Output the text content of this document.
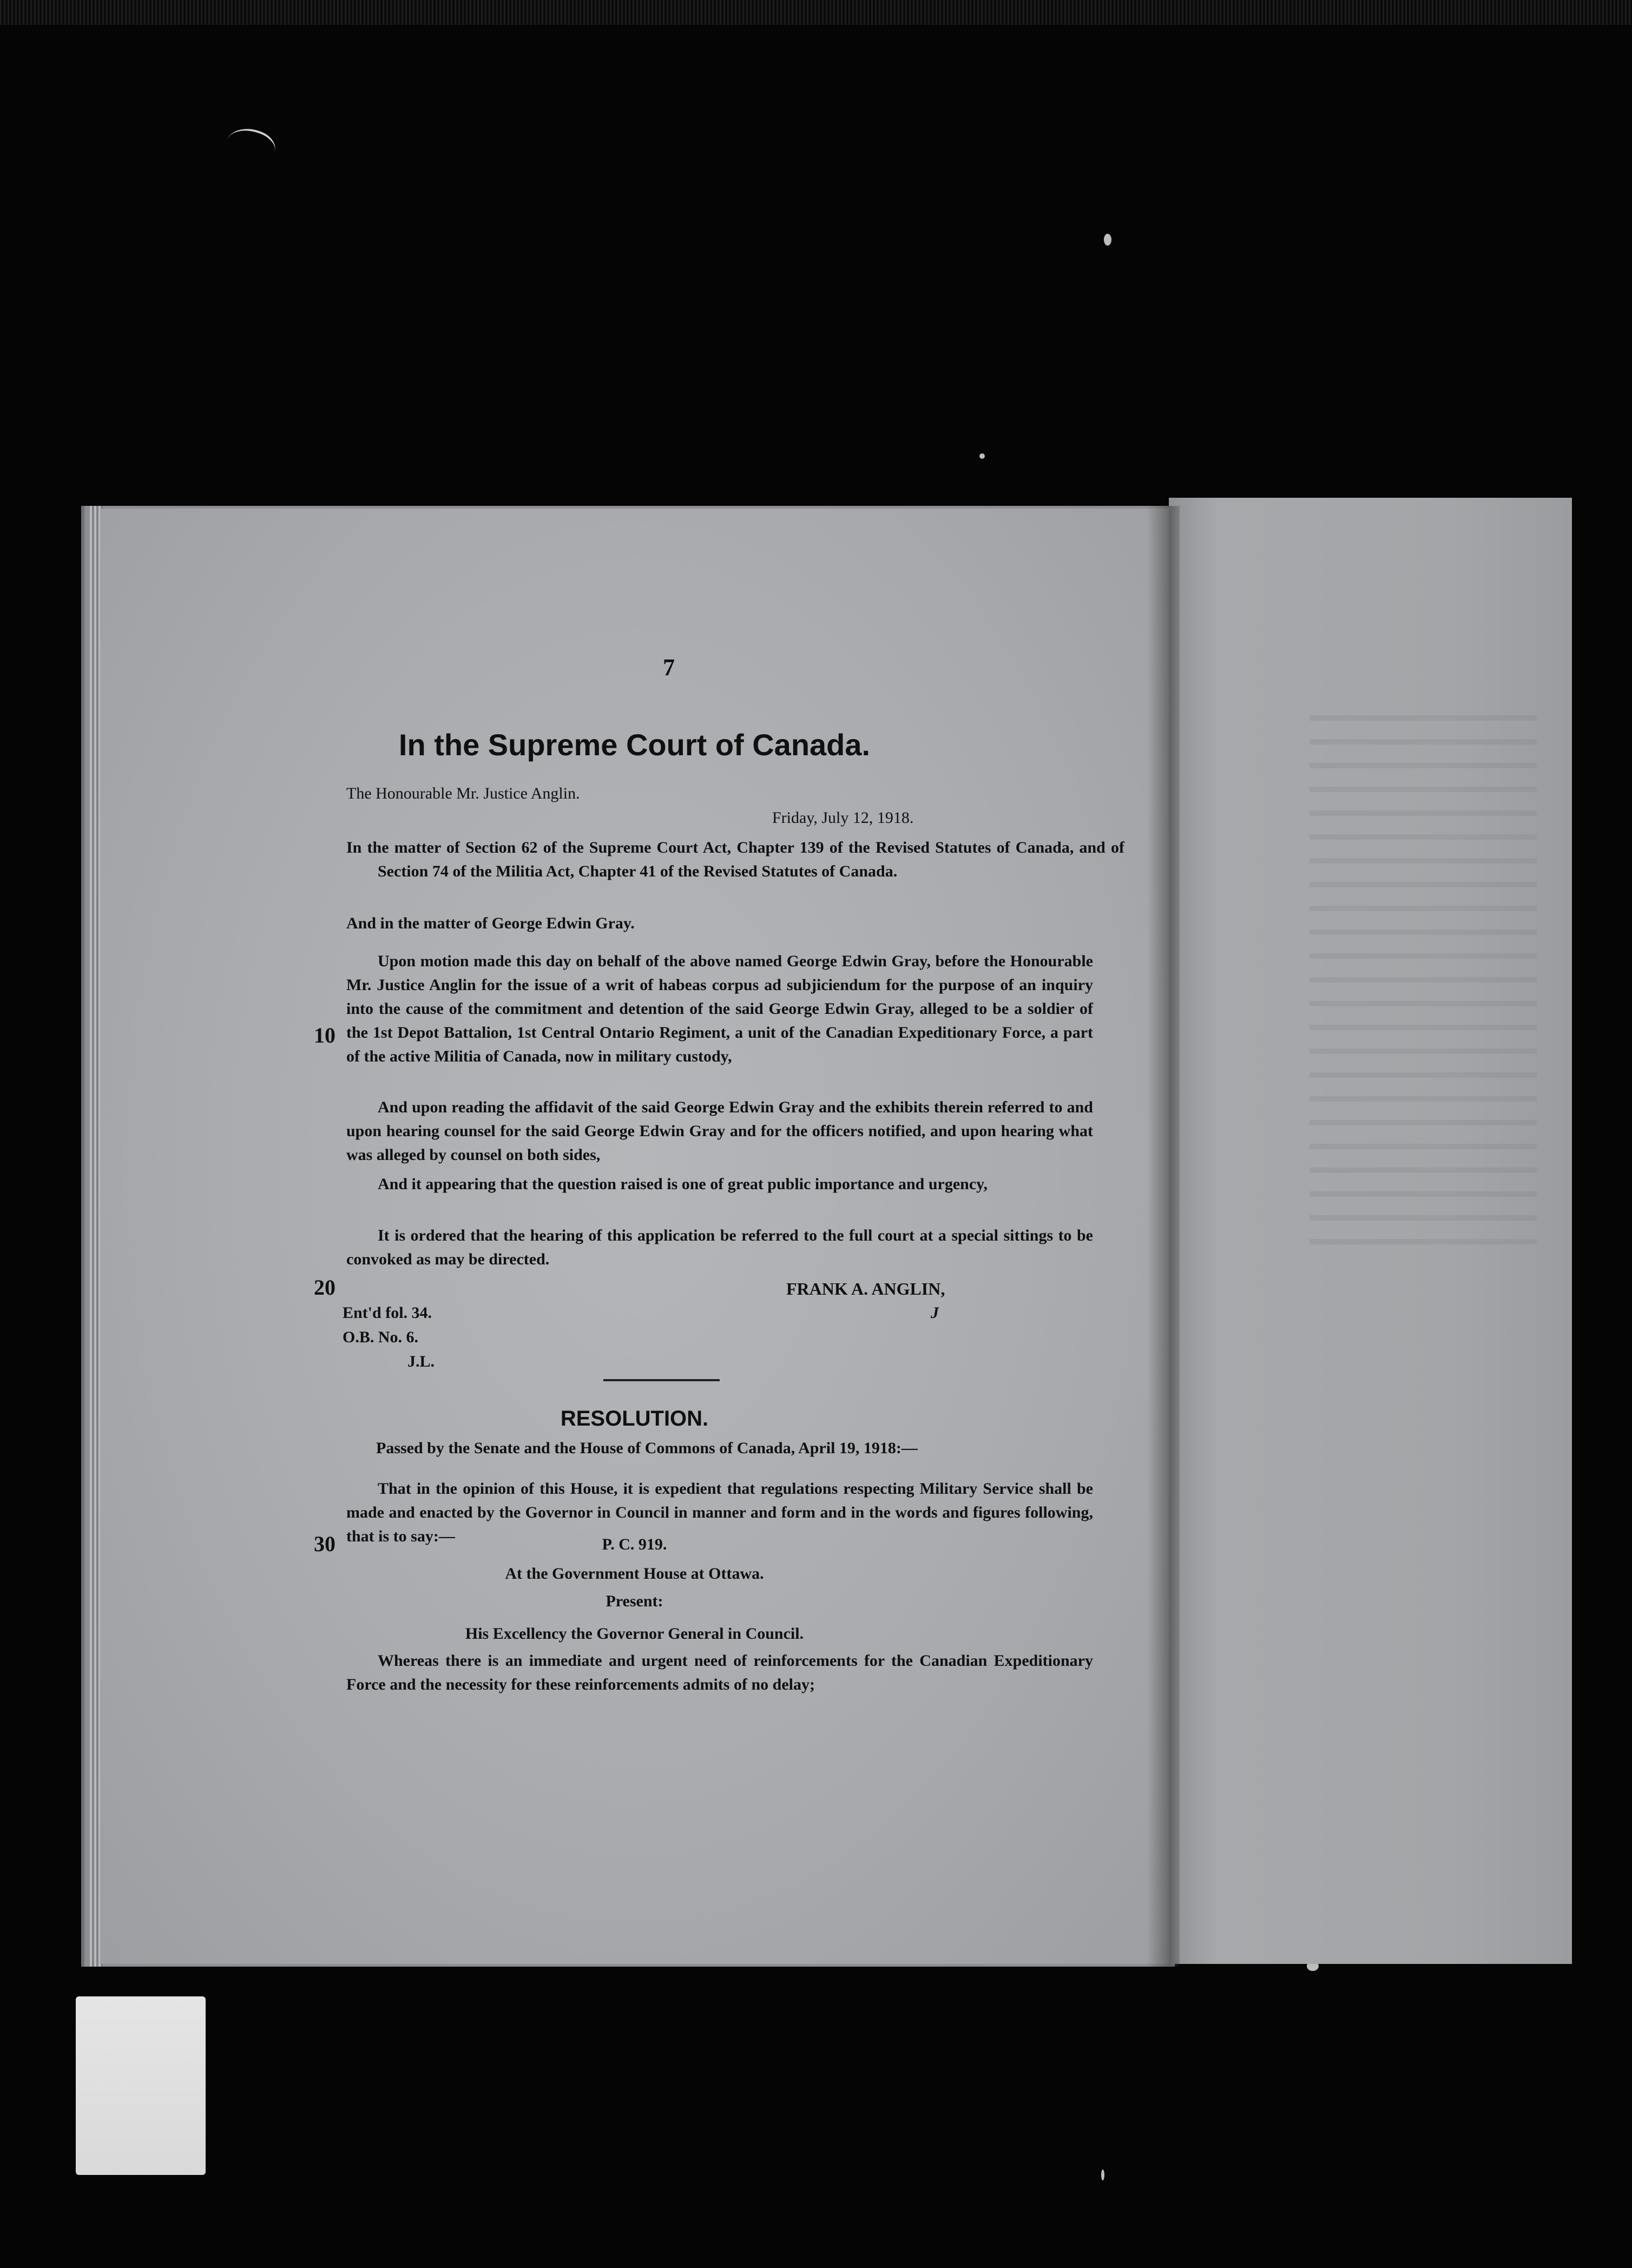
7
In the Supreme Court of Canada.
The Honourable Mr. Justice Anglin.
Friday, July 12, 1918.
In the matter of Section 62 of the Supreme Court Act, Chapter 139 of the Revised Statutes of Canada, and of Section 74 of the Militia Act, Chapter 41 of the Revised Statutes of Canada.
And in the matter of George Edwin Gray.
Upon motion made this day on behalf of the above named George Edwin Gray, before the Honourable Mr. Justice Anglin for the issue of a writ of habeas corpus ad subjiciendum for the purpose of an inquiry into the cause of the commitment and detention of the said George Edwin Gray, alleged to be a soldier of the 1st Depot Battalion, 1st Central Ontario Regiment, a unit of the Canadian Expeditionary Force, a part of the active Militia of Canada, now in military custody,
10
And upon reading the affidavit of the said George Edwin Gray and the exhibits therein referred to and upon hearing counsel for the said George Edwin Gray and for the officers notified, and upon hearing what was alleged by counsel on both sides,
And it appearing that the question raised is one of great public importance and urgency,
It is ordered that the hearing of this application be referred to the full court at a special sittings to be convoked as may be directed.
20	FRANK A. ANGLIN,
J
Ent'd fol. 34.
O.B. No. 6.
J.L.
RESOLUTION.
Passed by the Senate and the House of Commons of Canada, April 19, 1918:—
That in the opinion of this House, it is expedient that regulations respecting Military Service shall be made and enacted by the Governor in Council in manner and form and in the words and figures following, that is to say:—
30	P. C. 919.
At the Government House at Ottawa.
Present:
His Excellency the Governor General in Council.
Whereas there is an immediate and urgent need of reinforcements for the Canadian Expeditionary Force and the necessity for these reinforcements admits of no delay;
